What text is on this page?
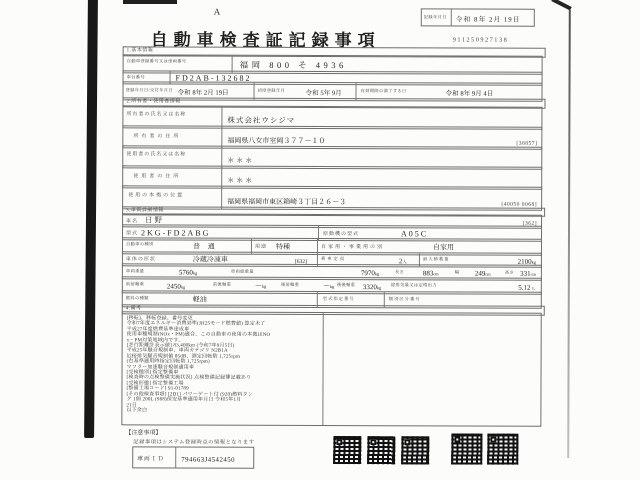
A
記録年月日 令和 8年 2月 19日
自動車検査証記録事項	911250927138
1.基本情報
自動車登録番号又は車両番号	福岡 800 そ 4936
車台番号	FD2AB-132682
登録年月日/交付年月日 令和 8年 2月 19日	初度登録年月	令和 5年 9月	有効期間の満了する日	令和 8年 9月 4日
2.所有者・使用者情報
所有者の氏名又は名称
株式会社ウシジマ
所有者の住所	福岡県八女市室岡３７７－１０	[38857]
使用者の氏名又は名称
＊＊＊
使用者の住所	＊＊＊
使用の本拠の位置
福岡県福岡市東区箱崎３丁目２６－３	[40050 0068]
3.車両詳細情報
車名 日野	[362]
型式 2KG-FD2ABG	原動機の型式	A05C
自動車の種別	普 通	用途 特種	自家用・事業用の別	自家用
車体の形状	冷蔵冷凍車	[632]
乗車定員	2人
最大積載量	2100kg
車両重量	5760kg	車両総重量	7970kg	長さ	883cm	幅 249cm	高さ 331cm
前前軸重	2450kg
前後軸重	－kg	後前軸重	－kg 後後軸重 3320kg
総排気量又は定格出力	5.12 L
燃料の種類	軽油	型式指定番号	類別区分番号
4.備考
[移転]、移転登録、番号変更
令和7年度エネルギー消費効率(JH25モード燃費値) 算定未了
平成27年度燃費基準達成車
使用車種規制(NOx・PM)適合、この自動車の使用の本拠はNO
x・PM対策地域内です。
[走行距離計表示値] 83,400km (令和7年9月5日)
平成25年騒音規制車、車両カテゴリ N2B1A
近接排気騒音規制値 85dB、測定回転数 1,725rpm
(右基準適用時指定回転数 1,725rpm)
マフラー加速騒音規制適用車
[受検種別] 指定整備車
[検査時の点検整備実施状況] 点検整備記録簿記載あり
[受検形態] 指定整備工場
[整備工場コード] 91-01789
[その他検査事項] [2D1] パワーゲート付 (920)燃料タン
ク 1個 200L (988)保安基準適用年月日 令和5年1月
21日
以下余白
【注意事項】
記録事項はシステム登録時点の情報となります
車両ＩＤ 794663J4542450
